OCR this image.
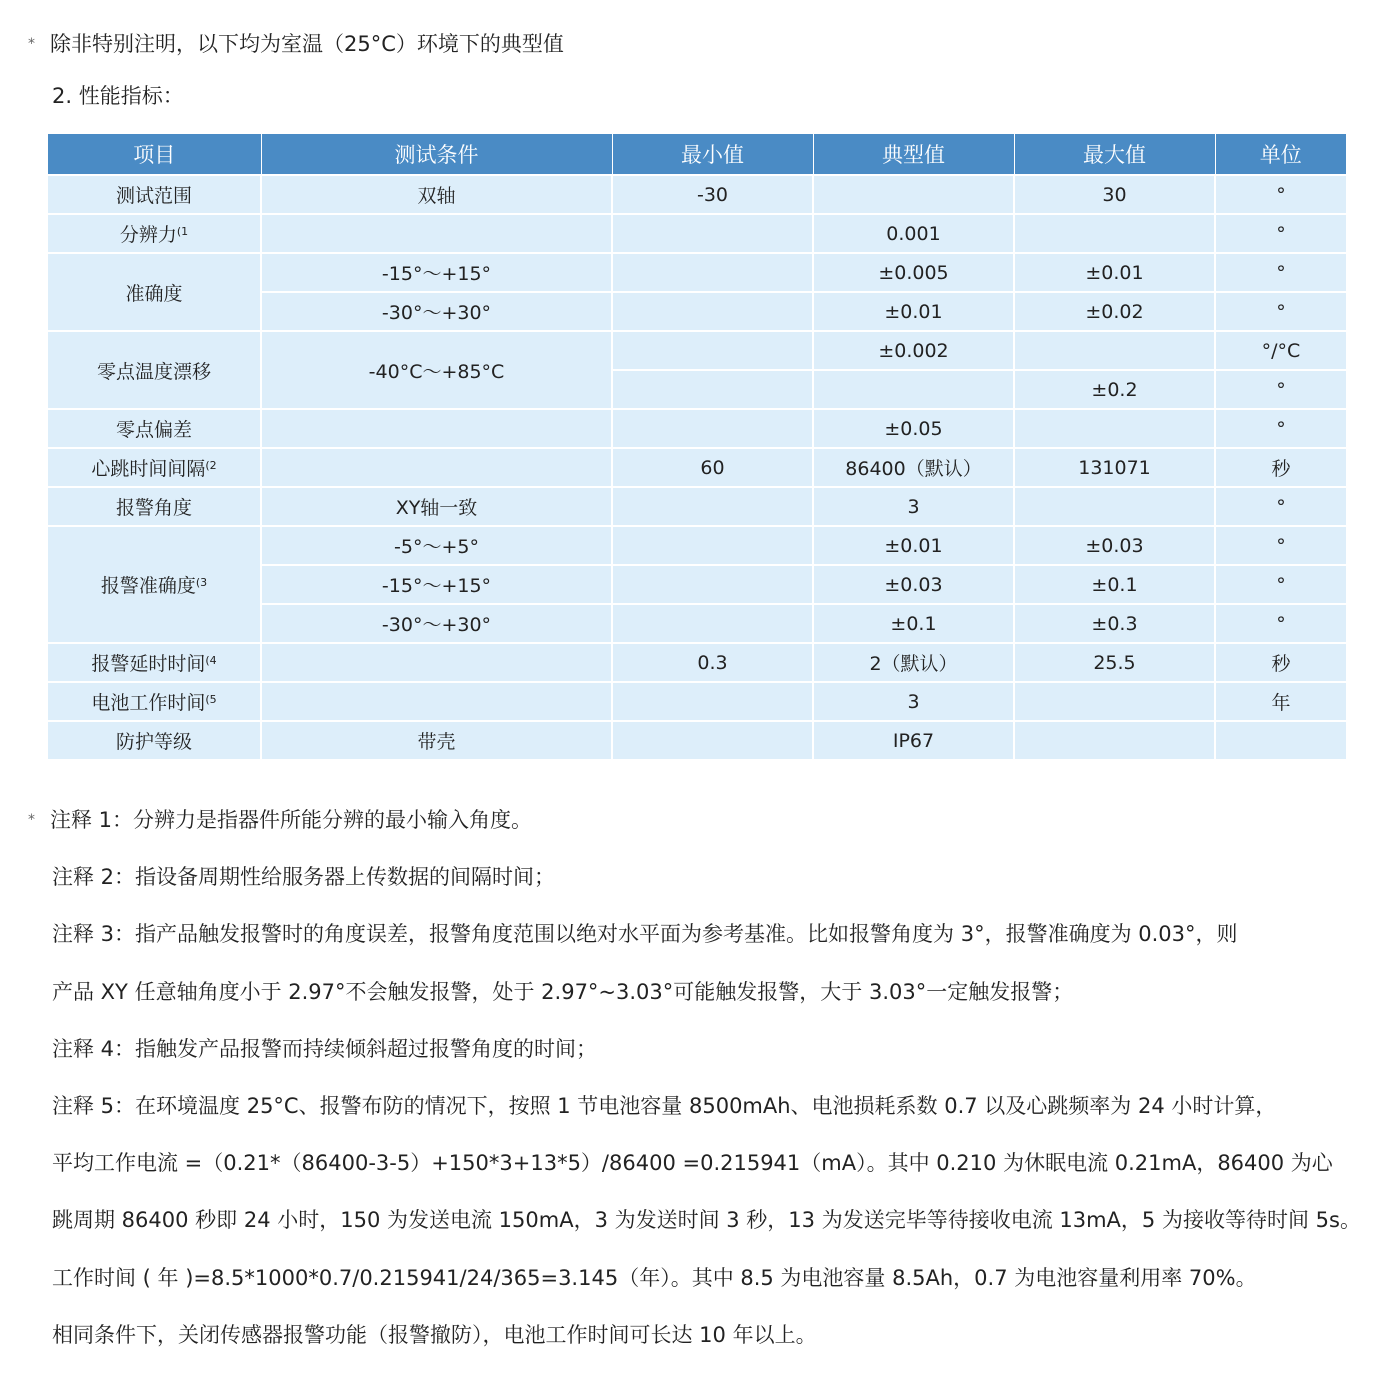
* 除非特别注明，以下均为室温（25°C）环境下的典型值
2. 性能指标：
项目	测试条件	最小值	典型值	最大值	单位
测试范围	双轴	-30		30	°
分辨力$^{(1}$			0.001		°
准确度	-15°～+15°		±0.005	±0.01	°
	-30°～+30°		±0.01	±0.02	°
零点温度漂移	-40°C～+85°C		±0.002		°/°C
				±0.2	°
零点偏差			±0.05		°
心跳时间间隔$^{(2}$		60	86400（默认）	131071	秒
报警角度	XY轴一致		3		°
报警准确度$^{(3}$	-5°～+5°		±0.01	±0.03	°
	-15°～+15°		±0.03	±0.1	°
	-30°～+30°		±0.1	±0.3	°
报警延时时间$^{(4}$		0.3	2（默认）	25.5	秒
电池工作时间$^{(5}$			3		年
防护等级	带壳		IP67		
* 注释 1：分辨力是指器件所能分辨的最小输入角度。
注释 2：指设备周期性给服务器上传数据的间隔时间；
注释 3：指产品触发报警时的角度误差，报警角度范围以绝对水平面为参考基准。比如报警角度为 3°，报警准确度为 0.03°，则
产品 XY 任意轴角度小于 2.97°不会触发报警，处于 2.97°~3.03°可能触发报警，大于 3.03°一定触发报警；
注释 4：指触发产品报警而持续倾斜超过报警角度的时间；
注释 5：在环境温度 25°C、报警布防的情况下，按照 1 节电池容量 8500mAh、电池损耗系数 0.7 以及心跳频率为 24 小时计算，
平均工作电流 =（0.21*（86400-3-5）+150*3+13*5）/86400 =0.215941（mA）。其中 0.210 为休眠电流 0.21mA，86400 为心
跳周期 86400 秒即 24 小时，150 为发送电流 150mA，3 为发送时间 3 秒，13 为发送完毕等待接收电流 13mA，5 为接收等待时间 5s。
工作时间 ( 年 )=8.5*1000*0.7/0.215941/24/365=3.145（年）。其中 8.5 为电池容量 8.5Ah，0.7 为电池容量利用率 70%。
相同条件下，关闭传感器报警功能（报警撤防），电池工作时间可长达 10 年以上。
